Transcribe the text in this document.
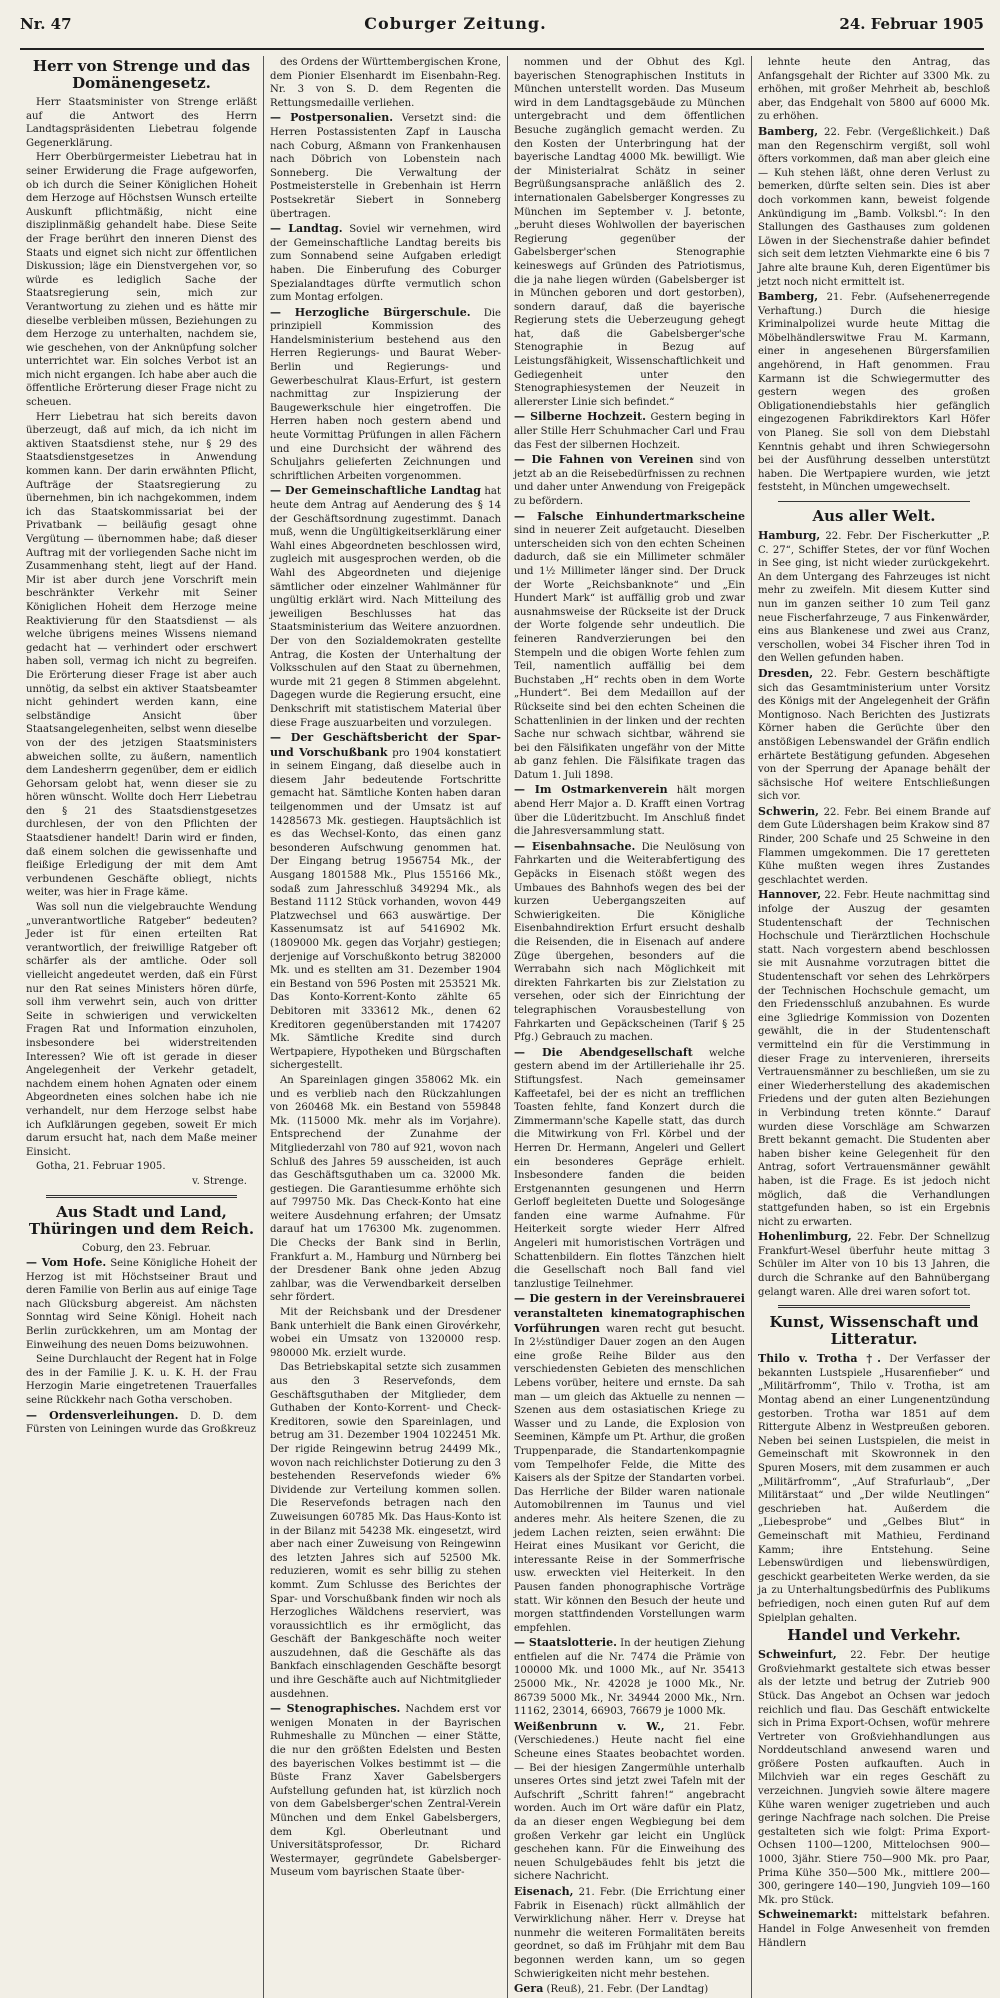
Nr. 47	Coburger Zeitung.	24. Februar 1905
Herr von Strenge und das Domänengesetz.

Herr Staatsminister von Strenge erläßt auf die Antwort des Herrn Landtagspräsidenten Liebetrau folgende Gegenerklärung.

Herr Oberbürgermeister Liebetrau hat in seiner Erwiderung die Frage aufgeworfen, ob ich durch die Seiner Königlichen Hoheit dem Herzoge auf Höchstsen Wunsch erteilte Auskunft pflichtmäßig, nicht eine disziplinmäßig gehandelt habe. Diese Seite der Frage berührt den inneren Dienst des Staats und eignet sich nicht zur öffentlichen Diskussion; läge ein Dienstvergehen vor, so würde es lediglich Sache der Staatsregierung sein, mich zur Verantwortung zu ziehen und es hätte mir dieselbe verbleiben müssen, Beziehungen zu dem Herzoge zu unterhalten, nachdem sie, wie geschehen, von der Anknüpfung solcher unterrichtet war. Ein solches Verbot ist an mich nicht ergangen. Ich habe aber auch die öffentliche Erörterung dieser Frage nicht zu scheuen.

Herr Liebetrau hat sich bereits davon überzeugt, daß auf mich, da ich nicht im aktiven Staatsdienst stehe, nur § 29 des Staatsdienstgesetzes in Anwendung kommen kann. Der darin erwähnten Pflicht, Aufträge der Staatsregierung zu übernehmen, bin ich nachgekommen, indem ich das Staatskommissariat bei der Privatbank — beiläufig gesagt ohne Vergütung — übernommen habe; daß dieser Auftrag mit der vorliegenden Sache nicht im Zusammenhang steht, liegt auf der Hand. Mir ist aber durch jene Vorschrift mein beschränkter Verkehr mit Seiner Königlichen Hoheit dem Herzoge meine Reaktivierung für den Staatsdienst — als welche übrigens meines Wissens niemand gedacht hat — verhindert oder erschwert haben soll, vermag ich nicht zu begreifen. Die Erörterung dieser Frage ist aber auch unnötig, da selbst ein aktiver Staatsbeamter nicht gehindert werden kann, eine selbständige Ansicht über Staatsangelegenheiten, selbst wenn dieselbe von der des jetzigen Staatsministers abweichen sollte, zu äußern, namentlich dem Landesherrn gegenüber, dem er eidlich Gehorsam gelobt hat, wenn dieser sie zu hören wünscht. Wollte doch Herr Liebetrau den § 21 des Staatsdienstgesetzes durchlesen, der von den Pflichten der Staatsdiener handelt! Darin wird er finden, daß einem solchen die gewissenhafte und fleißige Erledigung der mit dem Amt verbundenen Geschäfte obliegt, nichts weiter, was hier in Frage käme.

Was soll nun die vielgebrauchte Wendung „unverantwortliche Ratgeber“ bedeuten? Jeder ist für einen erteilten Rat verantwortlich, der freiwillige Ratgeber oft schärfer als der amtliche. Oder soll vielleicht angedeutet werden, daß ein Fürst nur den Rat seines Ministers hören dürfe, soll ihm verwehrt sein, auch von dritter Seite in schwierigen und verwickelten Fragen Rat und Information einzuholen, insbesondere bei widerstreitenden Interessen? Wie oft ist gerade in dieser Angelegenheit der Verkehr getadelt, nachdem einem hohen Agnaten oder einem Abgeordneten eines solchen habe ich nie verhandelt, nur dem Herzoge selbst habe ich Aufklärungen gegeben, soweit Er mich darum ersucht hat, nach dem Maße meiner Einsicht.

Gotha, 21. Februar 1905.

v. Strenge.

Aus Stadt und Land, Thüringen und dem Reich.

Coburg, den 23. Februar.

— Vom Hofe. Seine Königliche Hoheit der Herzog ist mit Höchstseiner Braut und deren Familie von Berlin aus auf einige Tage nach Glücksburg abgereist. Am nächsten Sonntag wird Seine Königl. Hoheit nach Berlin zurückkehren, um am Montag der Einweihung des neuen Doms beizuwohnen.

Seine Durchlaucht der Regent hat in Folge des in der Familie J. K. u. K. H. der Frau Herzogin Marie eingetretenen Trauerfalles seine Rückkehr nach Gotha verschoben.

— Ordensverleihungen. D. D. dem Fürsten von Leiningen wurde das Großkreuz

des Ordens der Württembergischen Krone, dem Pionier Elsenhardt im Eisenbahn-Reg. Nr. 3 von S. D. dem Regenten die Rettungsmedaille verliehen.

— Postpersonalien. Versetzt sind: die Herren Postassistenten Zapf in Lauscha nach Coburg, Aßmann von Frankenhausen nach Döbrich von Lobenstein nach Sonneberg. Die Verwaltung der Postmeisterstelle in Grebenhain ist Herrn Postsekretär Siebert in Sonneberg übertragen.

— Landtag. Soviel wir vernehmen, wird der Gemeinschaftliche Landtag bereits bis zum Sonnabend seine Aufgaben erledigt haben. Die Einberufung des Coburger Spezialandtages dürfte vermutlich schon zum Montag erfolgen.

— Herzogliche Bürgerschule. Die prinzipiell Kommission des Handelsministerium bestehend aus den Herren Regierungs- und Baurat Weber-Berlin und Regierungs- und Gewerbeschulrat Klaus-Erfurt, ist gestern nachmittag zur Inspizierung der Baugewerkschule hier eingetroffen. Die Herren haben noch gestern abend und heute Vormittag Prüfungen in allen Fächern und eine Durchsicht der während des Schuljahrs gelieferten Zeichnungen und schriftlichen Arbeiten vorgenommen.

— Der Gemeinschaftliche Landtag hat heute dem Antrag auf Aenderung des § 14 der Geschäftsordnung zugestimmt. Danach muß, wenn die Ungültigkeitserklärung einer Wahl eines Abgeordneten beschlossen wird, zugleich mit ausgesprochen werden, ob die Wahl des Abgeordneten und diejenige sämtlicher oder einzelner Wahlmänner für ungültig erklärt wird. Nach Mitteilung des jeweiligen Beschlusses hat das Staatsministerium das Weitere anzuordnen. Der von den Sozialdemokraten gestellte Antrag, die Kosten der Unterhaltung der Volksschulen auf den Staat zu übernehmen, wurde mit 21 gegen 8 Stimmen abgelehnt. Dagegen wurde die Regierung ersucht, eine Denkschrift mit statistischem Material über diese Frage auszuarbeiten und vorzulegen.

— Der Geschäftsbericht der Spar- und Vorschußbank pro 1904 konstatiert in seinem Eingang, daß dieselbe auch in diesem Jahr bedeutende Fortschritte gemacht hat. Sämtliche Konten haben daran teilgenommen und der Umsatz ist auf 14285673 Mk. gestiegen. Hauptsächlich ist es das Wechsel-Konto, das einen ganz besonderen Aufschwung genommen hat. Der Eingang betrug 1956754 Mk., der Ausgang 1801588 Mk., Plus 155166 Mk., sodaß zum Jahresschluß 349294 Mk., als Bestand 1112 Stück vorhanden, wovon 449 Platzwechsel und 663 auswärtige. Der Kassenumsatz ist auf 5416902 Mk. (1809000 Mk. gegen das Vorjahr) gestiegen; derjenige auf Vorschußkonto betrug 382000 Mk. und es stellten am 31. Dezember 1904 ein Bestand von 596 Posten mit 253521 Mk. Das Konto-Korrent-Konto zählte 65 Debitoren mit 333612 Mk., denen 62 Kreditoren gegenüberstanden mit 174207 Mk. Sämtliche Kredite sind durch Wertpapiere, Hypotheken und Bürgschaften sichergestellt.

An Spareinlagen gingen 358062 Mk. ein und es verblieb nach den Rückzahlungen von 260468 Mk. ein Bestand von 559848 Mk. (115000 Mk. mehr als im Vorjahre). Entsprechend der Zunahme der Mitgliederzahl von 780 auf 921, wovon nach Schluß des Jahres 59 ausscheiden, ist auch das Geschäftsguthaben um ca. 32000 Mk. gestiegen. Die Garantiesumme erhöhte sich auf 799750 Mk. Das Check-Konto hat eine weitere Ausdehnung erfahren; der Umsatz darauf hat um 176300 Mk. zugenommen. Die Checks der Bank sind in Berlin, Frankfurt a. M., Hamburg und Nürnberg bei der Dresdener Bank ohne jeden Abzug zahlbar, was die Verwendbarkeit derselben sehr fördert.

Mit der Reichsbank und der Dresdener Bank unterhielt die Bank einen Girovérkehr, wobei ein Umsatz von 1320000 resp. 980000 Mk. erzielt wurde.

Das Betriebskapital setzte sich zusammen aus den 3 Reservefonds, dem Geschäftsguthaben der Mitglieder, dem Guthaben der Konto-Korrent- und Check-Kreditoren, sowie den Spareinlagen, und betrug am 31. Dezember 1904 1022451 Mk. Der rigide Reingewinn betrug 24499 Mk., wovon nach reichlichster Dotierung zu den 3 bestehenden Reservefonds wieder 6% Dividende zur Verteilung kommen sollen. Die Reservefonds betragen nach den Zuweisungen 60785 Mk. Das Haus-Konto ist in der Bilanz mit 54238 Mk. eingesetzt, wird aber nach einer Zuweisung von Reingewinn des letzten Jahres sich auf 52500 Mk. reduzieren, womit es sehr billig zu stehen kommt. Zum Schlusse des Berichtes der Spar- und Vorschußbank finden wir noch als Herzogliches Wäldchens reserviert, was voraussichtlich es ihr ermöglicht, das Geschäft der Bankgeschäfte noch weiter auszudehnen, daß die Geschäfte als das Bankfach einschlagenden Geschäfte besorgt und ihre Geschäfte auch auf Nichtmitglieder ausdehnen.

— Stenographisches. Nachdem erst vor wenigen Monaten in der Bayrischen Ruhmeshalle zu München — einer Stätte, die nur den größten Edelsten und Besten des bayerischen Volkes bestimmt ist — die Büste Franz Xaver Gabelsbergers Aufstellung gefunden hat, ist kürzlich noch von dem Gabelsberger'schen Zentral-Verein München und dem Enkel Gabelsbergers, dem Kgl. Oberleutnant und Universitätsprofessor, Dr. Richard Westermayer, gegründete Gabelsberger-Museum vom bayrischen Staate über-

nommen und der Obhut des Kgl. bayerischen Stenographischen Instituts in München unterstellt worden. Das Museum wird in dem Landtagsgebäude zu München untergebracht und dem öffentlichen Besuche zugänglich gemacht werden. Zu den Kosten der Unterbringung hat der bayerische Landtag 4000 Mk. bewilligt. Wie der Ministerialrat Schätz in seiner Begrüßungsansprache anläßlich des 2. internationalen Gabelsberger Kongresses zu München im September v. J. betonte, „beruht dieses Wohlwollen der bayerischen Regierung gegenüber der Gabelsberger'schen Stenographie keineswegs auf Gründen des Patriotismus, die ja nahe liegen würden (Gabelsberger ist in München geboren und dort gestorben), sondern darauf, daß die bayerische Regierung stets die Ueberzeugung gehegt hat, daß die Gabelsberger'sche Stenographie in Bezug auf Leistungsfähigkeit, Wissenschaftlichkeit und Gediegenheit unter den Stenographiesystemen der Neuzeit in allererster Linie sich befindet.“

— Silberne Hochzeit. Gestern beging in aller Stille Herr Schuhmacher Carl und Frau das Fest der silbernen Hochzeit.

— Die Fahnen von Vereinen sind von jetzt ab an die Reisebedürfnissen zu rechnen und daher unter Anwendung von Freigepäck zu befördern.

— Falsche Einhundertmarkscheine sind in neuerer Zeit aufgetaucht. Dieselben unterscheiden sich von den echten Scheinen dadurch, daß sie ein Millimeter schmäler und 1½ Millimeter länger sind. Der Druck der Worte „Reichsbanknote“ und „Ein Hundert Mark“ ist auffällig grob und zwar ausnahmsweise der Rückseite ist der Druck der Worte folgende sehr undeutlich. Die feineren Randverzierungen bei den Stempeln und die obigen Worte fehlen zum Teil, namentlich auffällig bei dem Buchstaben „H“ rechts oben in dem Worte „Hundert“. Bei dem Medaillon auf der Rückseite sind bei den echten Scheinen die Schattenlinien in der linken und der rechten Sache nur schwach sichtbar, während sie bei den Fälsifikaten ungefähr von der Mitte ab ganz fehlen. Die Fälsifikate tragen das Datum 1. Juli 1898.

— Im Ostmarkenverein hält morgen abend Herr Major a. D. Krafft einen Vortrag über die Lüderitzbucht. Im Anschluß findet die Jahresversammlung statt.

— Eisenbahnsache. Die Neulösung von Fahrkarten und die Weiterabfertigung des Gepäcks in Eisenach stößt wegen des Umbaues des Bahnhofs wegen des bei der kurzen Uebergangszeiten auf Schwierigkeiten. Die Königliche Eisenbahndirektion Erfurt ersucht deshalb die Reisenden, die in Eisenach auf andere Züge übergehen, besonders auf die Werrabahn sich nach Möglichkeit mit direkten Fahrkarten bis zur Zielstation zu versehen, oder sich der Einrichtung der telegraphischen Vorausbestellung von Fahrkarten und Gepäckscheinen (Tarif § 25 Pfg.) Gebrauch zu machen.

— Die Abendgesellschaft welche gestern abend im der Artilleriehalle ihr 25. Stiftungsfest. Nach gemeinsamer Kaffeetafel, bei der es nicht an trefflichen Toasten fehlte, fand Konzert durch die Zimmermann'sche Kapelle statt, das durch die Mitwirkung von Frl. Körbel und der Herren Dr. Hermann, Angeleri und Gellert ein besonderes Gepräge erhielt. Insbesondere fanden die beiden Erstgenannten gesungenen und Herrn Gerloff begleiteten Duette und Sologesänge fanden eine warme Aufnahme. Für Heiterkeit sorgte wieder Herr Alfred Angeleri mit humoristischen Vorträgen und Schattenbildern. Ein flottes Tänzchen hielt die Gesellschaft noch Ball fand viel tanzlustige Teilnehmer.

— Die gestern in der Vereinsbrauerei veranstalteten kinematographischen Vorführungen waren recht gut besucht. In 2½stündiger Dauer zogen an den Augen eine große Reihe Bilder aus den verschiedensten Gebieten des menschlichen Lebens vorüber, heitere und ernste. Da sah man — um gleich das Aktuelle zu nennen — Szenen aus dem ostasiatischen Kriege zu Wasser und zu Lande, die Explosion von Seeminen, Kämpfe um Pt. Arthur, die großen Truppenparade, die Standartenkompagnie vom Tempelhofer Felde, die Mitte des Kaisers als der Spitze der Standarten vorbei. Das Herrliche der Bilder waren nationale Automobilrennen im Taunus und viel anderes mehr. Als heitere Szenen, die zu jedem Lachen reizten, seien erwähnt: Die Heirat eines Musikant vor Gericht, die interessante Reise in der Sommerfrische usw. erweckten viel Heiterkeit. In den Pausen fanden phonographische Vorträge statt. Wir können den Besuch der heute und morgen stattfindenden Vorstellungen warm empfehlen.

— Staatslotterie. In der heutigen Ziehung entfielen auf die Nr. 7474 die Prämie von 100000 Mk. und 1000 Mk., auf Nr. 35413 25000 Mk., Nr. 42028 je 1000 Mk., Nr. 86739 5000 Mk., Nr. 34944 2000 Mk., Nrn. 11162, 23014, 66903, 76679 je 1000 Mk.

Weißenbrunn v. W., 21. Febr. (Verschiedenes.) Heute nacht fiel eine Scheune eines Staates beobachtet worden. — Bei der hiesigen Zangermühle unterhalb unseres Ortes sind jetzt zwei Tafeln mit der Aufschrift „Schritt fahren!“ angebracht worden. Auch im Ort wäre dafür ein Platz, da an dieser engen Wegbiegung bei dem großen Verkehr gar leicht ein Unglück geschehen kann. Für die Einweihung des neuen Schulgebäudes fehlt bis jetzt die sichere Nachricht.

Eisenach, 21. Febr. (Die Errichtung einer Fabrik in Eisenach) rückt allmählich der Verwirklichung näher. Herr v. Dreyse hat nunmehr die weiteren Formalitäten bereits geordnet, so daß im Frühjahr mit dem Bau begonnen werden kann, um so gegen Schwierigkeiten nicht mehr bestehen.

Gera (Reuß), 21. Febr. (Der Landtag)

lehnte heute den Antrag, das Anfangsgehalt der Richter auf 3300 Mk. zu erhöhen, mit großer Mehrheit ab, beschloß aber, das Endgehalt von 5800 auf 6000 Mk. zu erhöhen.

Bamberg, 22. Febr. (Vergeßlichkeit.) Daß man den Regenschirm vergißt, soll wohl öfters vorkommen, daß man aber gleich eine — Kuh stehen läßt, ohne deren Verlust zu bemerken, dürfte selten sein. Dies ist aber doch vorkommen kann, beweist folgende Ankündigung im „Bamb. Volksbl.“: In den Stallungen des Gasthauses zum goldenen Löwen in der Siechenstraße dahier befindet sich seit dem letzten Viehmarkte eine 6 bis 7 Jahre alte braune Kuh, deren Eigentümer bis jetzt noch nicht ermittelt ist.

Bamberg, 21. Febr. (Aufsehenerregende Verhaftung.) Durch die hiesige Kriminalpolizei wurde heute Mittag die Möbelhändlerswitwe Frau M. Karmann, einer in angesehenen Bürgersfamilien angehörend, in Haft genommen. Frau Karmann ist die Schwiegermutter des gestern wegen des großen Obligationendiebstahls hier gefänglich eingezogenen Fabrikdirektors Karl Höfer von Planeg. Sie soll von dem Diebstahl Kenntnis gehabt und ihren Schwiegersohn bei der Ausführung desselben unterstützt haben. Die Wertpapiere wurden, wie jetzt feststeht, in München umgewechselt.

Aus aller Welt.

Hamburg, 22. Febr. Der Fischerkutter „P. C. 27“, Schiffer Stetes, der vor fünf Wochen in See ging, ist nicht wieder zurückgekehrt. An dem Untergang des Fahrzeuges ist nicht mehr zu zweifeln. Mit diesem Kutter sind nun im ganzen seither 10 zum Teil ganz neue Fischerfahrzeuge, 7 aus Finkenwärder, eins aus Blankenese und zwei aus Cranz, verschollen, wobei 34 Fischer ihren Tod in den Wellen gefunden haben.

Dresden, 22. Febr. Gestern beschäftigte sich das Gesamtministerium unter Vorsitz des Königs mit der Angelegenheit der Gräfin Montignoso. Nach Berichten des Justizrats Körner haben die Gerüchte über den anstößigen Lebenswandel der Gräfin endlich erhärtete Bestätigung gefunden. Abgesehen von der Sperrung der Apanage behält der sächsische Hof weitere Entschließungen sich vor.

Schwerin, 22. Febr. Bei einem Brande auf dem Gute Lüdershagen beim Krakow sind 87 Rinder, 200 Schafe und 25 Schweine in den Flammen umgekommen. Die 17 geretteten Kühe mußten wegen ihres Zustandes geschlachtet werden.

Hannover, 22. Febr. Heute nachmittag sind infolge der Auszug der gesamten Studentenschaft der Technischen Hochschule und Tierärztlichen Hochschule statt. Nach vorgestern abend beschlossen sie mit Ausnahme vorzutragen bittet die Studentenschaft vor sehen des Lehrkörpers der Technischen Hochschule gemacht, um den Friedensschluß anzubahnen. Es wurde eine 3gliedrige Kommission von Dozenten gewählt, die in der Studentenschaft vermittelnd ein für die Verstimmung in dieser Frage zu intervenieren, ihrerseits Vertrauensmänner zu beschließen, um sie zu einer Wiederherstellung des akademischen Friedens und der guten alten Beziehungen in Verbindung treten könnte.“ Darauf wurden diese Vorschläge am Schwarzen Brett bekannt gemacht. Die Studenten aber haben bisher keine Gelegenheit für den Antrag, sofort Vertrauensmänner gewählt haben, ist die Frage. Es ist jedoch nicht möglich, daß die Verhandlungen stattgefunden haben, so ist ein Ergebnis nicht zu erwarten.

Hohenlimburg, 22. Febr. Der Schnellzug Frankfurt-Wesel überfuhr heute mittag 3 Schüler im Alter von 10 bis 13 Jahren, die durch die Schranke auf den Bahnübergang gelangt waren. Alle drei waren sofort tot.

Kunst, Wissenschaft und Litteratur.

Thilo v. Trotha †. Der Verfasser der bekannten Lustspiele „Husarenfieber“ und „Militärfromm“, Thilo v. Trotha, ist am Montag abend an einer Lungenentzündung gestorben. Trotha war 1851 auf dem Rittergute Albenz in Westpreußen geboren. Neben bei seinen Lustspielen, die meist in Gemeinschaft mit Skowronnek in den Spuren Mosers, mit dem zusammen er auch „Militärfromm“, „Auf Strafurlaub“, „Der Militärstaat“ und „Der wilde Neutlingen“ geschrieben hat. Außerdem die „Liebesprobe“ und „Gelbes Blut“ in Gemeinschaft mit Mathieu, Ferdinand Kamm; ihre Entstehung. Seine Lebenswürdigen und liebenswürdigen, geschickt gearbeiteten Werke werden, da sie ja zu Unterhaltungsbedürfnis des Publikums befriedigen, noch einen guten Ruf auf dem Spielplan gehalten.

Handel und Verkehr.

Schweinfurt, 22. Febr. Der heutige Großviehmarkt gestaltete sich etwas besser als der letzte und betrug der Zutrieb 900 Stück. Das Angebot an Ochsen war jedoch reichlich und flau. Das Geschäft entwickelte sich in Prima Export-Ochsen, wofür mehrere Vertreter von Großviehhandlungen aus Norddeutschland anwesend waren und größere Posten aufkauften. Auch in Milchvieh war ein reges Geschäft zu verzeichnen. Jungvieh sowie ältere magere Kühe waren weniger zugetrieben und auch geringe Nachfrage nach solchen. Die Preise gestalteten sich wie folgt: Prima Export-Ochsen 1100—1200, Mittelochsen 900—1000, 3jähr. Stiere 750—900 Mk. pro Paar, Prima Kühe 350—500 Mk., mittlere 200—300, geringere 140—190, Jungvieh 109—160 Mk. pro Stück.

Schweinemarkt: mittelstark befahren. Handel in Folge Anwesenheit von fremden Händlern
